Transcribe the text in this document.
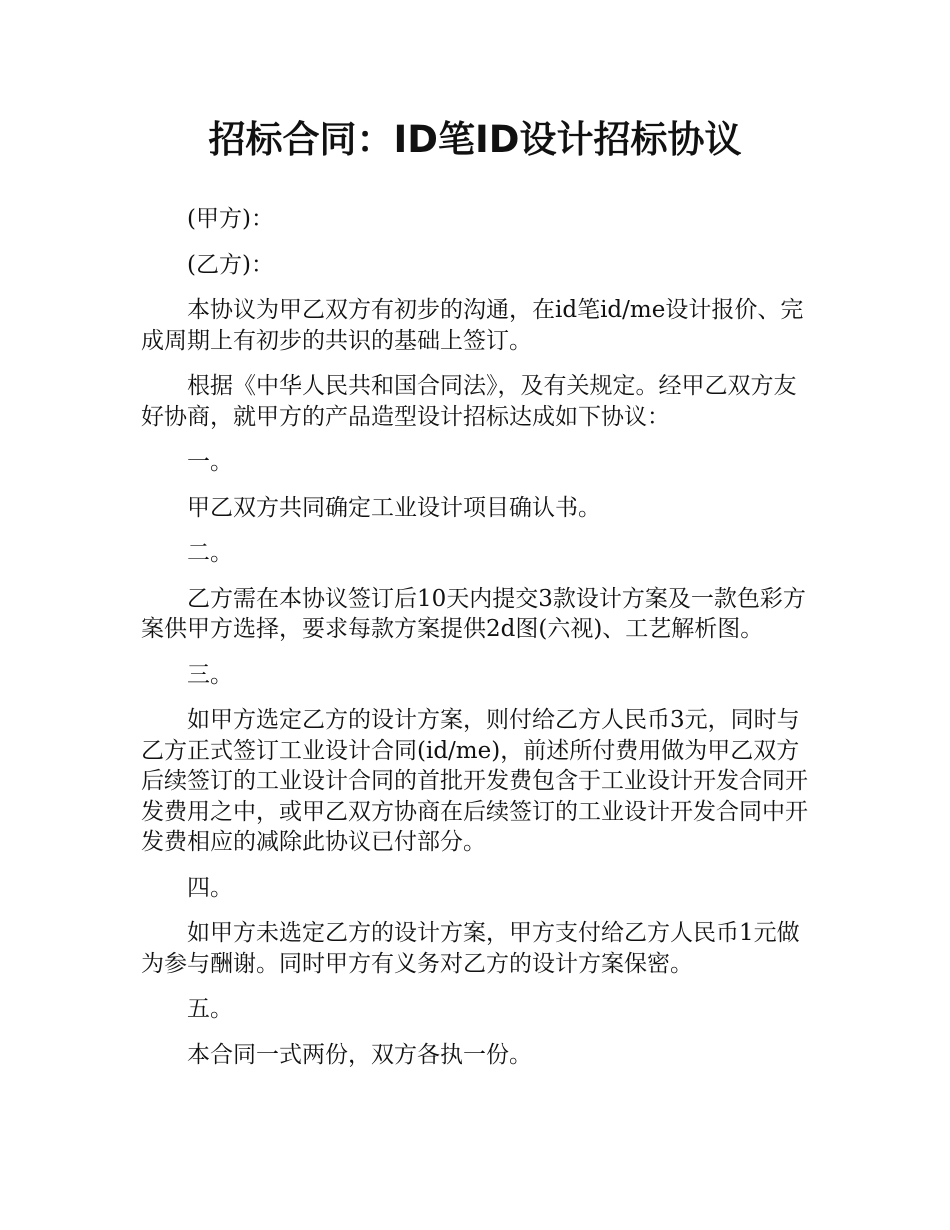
招标合同：ID笔ID设计招标协议

(甲方)：

(乙方)：

本协议为甲乙双方有初步的沟通，在id笔id/me设计报价、完成周期上有初步的共识的基础上签订。

根据《中华人民共和国合同法》，及有关规定。经甲乙双方友好协商，就甲方的产品造型设计招标达成如下协议：

一。

甲乙双方共同确定工业设计项目确认书。

二。

乙方需在本协议签订后10天内提交3款设计方案及一款色彩方案供甲方选择，要求每款方案提供2d图(六视)、工艺解析图。

三。

如甲方选定乙方的设计方案，则付给乙方人民币3元，同时与乙方正式签订工业设计合同(id/me)，前述所付费用做为甲乙双方后续签订的工业设计合同的首批开发费包含于工业设计开发合同开发费用之中，或甲乙双方协商在后续签订的工业设计开发合同中开发费相应的减除此协议已付部分。

四。

如甲方未选定乙方的设计方案，甲方支付给乙方人民币1元做为参与酬谢。同时甲方有义务对乙方的设计方案保密。

五。

本合同一式两份，双方各执一份。
